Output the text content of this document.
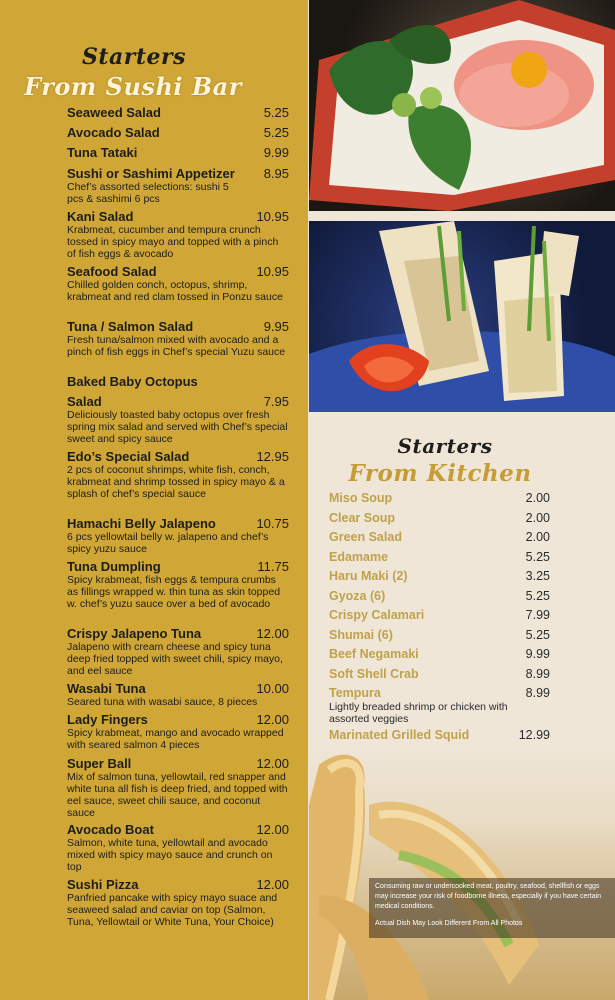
Starters
From Sushi Bar
Seaweed Salad	5.25
Avocado Salad	5.25
Tuna Tataki	9.99
Sushi or Sashimi Appetizer 8.95
Chef’s assorted selections: sushi 5 pcs & sashimi 6 pcs
Kani Salad	10.95
Krabmeat, cucumber and tempura crunch tossed in spicy mayo and topped with a pinch of fish eggs & avocado
Seafood Salad	10.95
Chilled golden conch, octopus, shrimp, krabmeat and red clam tossed in Ponzu sauce
Tuna / Salmon Salad	9.95
Fresh tuna/salmon mixed with avocado and a pinch of fish eggs in Chef’s special Yuzu sauce
Baked Baby Octopus
Salad	7.95
Deliciously toasted baby octopus over fresh spring mix salad and served with Chef’s special sweet and spicy sauce
Edo’s Special Salad	12.95
2 pcs of coconut shrimps, white fish, conch, krabmeat and shrimp tossed in spicy mayo & a splash of chef’s special sauce
Hamachi Belly Jalapeno	10.75
6 pcs yellowtail belly w. jalapeno and chef’s spicy yuzu sauce
Tuna Dumpling	11.75
Spicy krabmeat, fish eggs & tempura crumbs as fillings wrapped w. thin tuna as skin topped w. chef’s yuzu sauce over a bed of avocado
Crispy Jalapeno Tuna	12.00
Jalapeno with cream cheese and spicy tuna deep fried topped with sweet chili, spicy mayo, and eel sauce
Wasabi Tuna	10.00
Seared tuna with wasabi sauce, 8 pieces
Lady Fingers	12.00
Spicy krabmeat, mango and avocado wrapped with seared salmon 4 pieces
Super Ball	12.00
Mix of salmon tuna, yellowtail, red snapper and white tuna all fish is deep fried, and topped with eel sauce, sweet chili sauce, and coconut sauce
Avocado Boat	12.00
Salmon, white tuna, yellowtail and avocado mixed with spicy mayo sauce and crunch on top
Sushi Pizza	12.00
Panfried pancake with spicy mayo suace and seaweed salad and caviar on top (Salmon, Tuna, Yellowtail or White Tuna, Your Choice)
Starters
From Kitchen
Miso Soup	2.00
Clear Soup	2.00
Green Salad	2.00
Edamame	5.25
Haru Maki (2)	3.25
Gyoza (6)	5.25
Crispy Calamari	7.99
Shumai (6)	5.25
Beef Negamaki	9.99
Soft Shell Crab	8.99
Tempura	8.99
Lightly breaded shrimp or chicken with assorted veggies
Marinated Grilled Squid	12.99

Consuming raw or undercooked meat, poultry, seafood, shellfish or eggs may increase your risk of foodborne illness, especially if you have certain medical conditions.

Actual Dish May Look Different From All Photos
